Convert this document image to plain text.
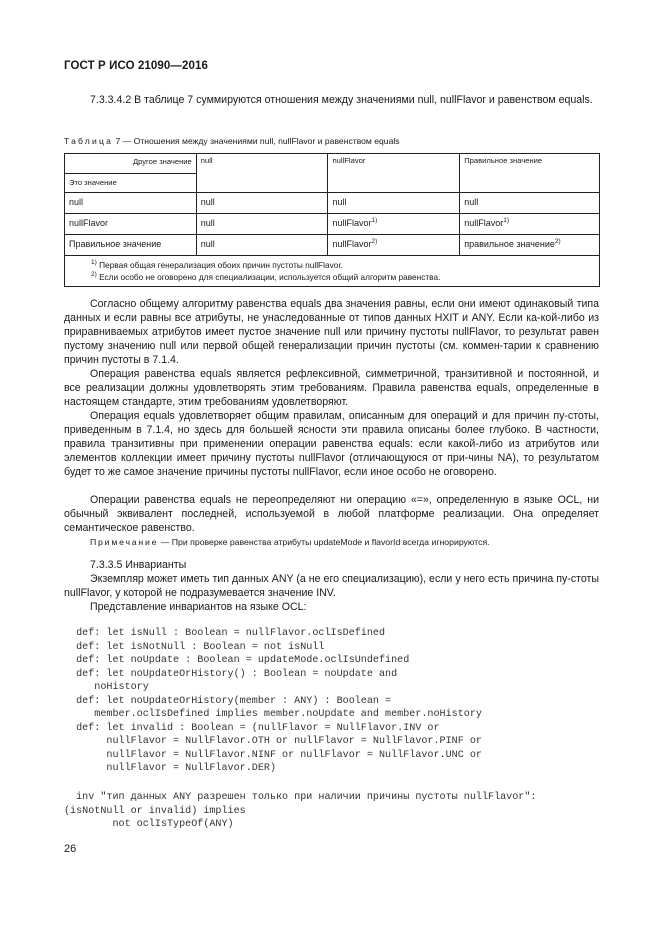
ГОСТ Р ИСО 21090—2016

7.3.3.4.2 В таблице 7 суммируются отношения между значениями null, nullFlavor и равенством equals.

Таблица 7 — Отношения между значениями null, nullFlavor и равенством equals
Другое значение
Это значение	null	nullFlavor	Правильное значение
null	null	null	null
nullFlavor	null	nullFlavor$^{1)}$	nullFlavor$^{1)}$
Правильное значение	null	nullFlavor$^{2)}$	правильное значение$^{2)}$

$^{1)}$ Первая общая генерализация обоих причин пустоты nullFlavor.
$^{2)}$ Если особо не оговорено для специализации, используется общий алгоритм равенства.			

Согласно общему алгоритму равенства equals два значения равны, если они имеют одинаковый типа данных и если равны все атрибуты, не унаследованные от типов данных HXIT и ANY. Если ка-кой-либо из приравниваемых атрибутов имеет пустое значение null или причину пустоты nullFlavor, то результат равен пустому значению null или первой общей генерализации причин пустоты (см. коммен-тарии к сравнению причин пустоты в 7.1.4.

Операция равенства equals является рефлексивной, симметричной, транзитивной и постоянной, и все реализации должны удовлетворять этим требованиям. Правила равенства equals, определенные в настоящем стандарте, этим требованиям удовлетворяют.

Операция equals удовлетворяет общим правилам, описанным для операций и для причин пу-стоты, приведенным в 7.1.4, но здесь для большей ясности эти правила описаны более глубоко. В частности, правила транзитивны при применении операции равенства equals: если какой-либо из атрибутов или элементов коллекции имеет причину пустоты nullFlavor (отличающуюся от при-чины NA), то результатом будет то же самое значение причины пустоты nullFlavor, если иное особо не оговорено.

Операции равенства equals не переопределяют ни операцию «=», определенную в языке OCL, ни обычный эквивалент последней, используемой в любой платформе реализации. Она определяет семантическое равенство.

Примечание — При проверке равенства атрибуты updateMode и flavorId всегда игнорируются.

7.3.3.5 Инварианты

Экземпляр может иметь тип данных ANY (а не его специализацию), если у него есть причина пу-стоты nullFlavor, у которой не подразумевается значение INV.

Представление инвариантов на языке OCL:

def: let isNull : Boolean = nullFlavor.oclIsDefined
def: let isNotNull : Boolean = not isNull
def: let noUpdate : Boolean = updateMode.oclIsUndefined
def: let noUpdateOrHistory() : Boolean = noUpdate and
noHistory
def: let noUpdateOrHistory(member : ANY) : Boolean =
member.oclIsDefined implies member.noUpdate and member.noHistory
def: let invalid : Boolean = (nullFlavor = NullFlavor.INV or
nullFlavor = NullFlavor.OTH or nullFlavor = NullFlavor.PINF or
nullFlavor = NullFlavor.NINF or nullFlavor = NullFlavor.UNC or
nullFlavor = NullFlavor.DER)
inv "тип данных ANY разрешен только при наличии причины пустоты nullFlavor":
(isNotNull or invalid) implies
not oclIsTypeOf(ANY)
26
